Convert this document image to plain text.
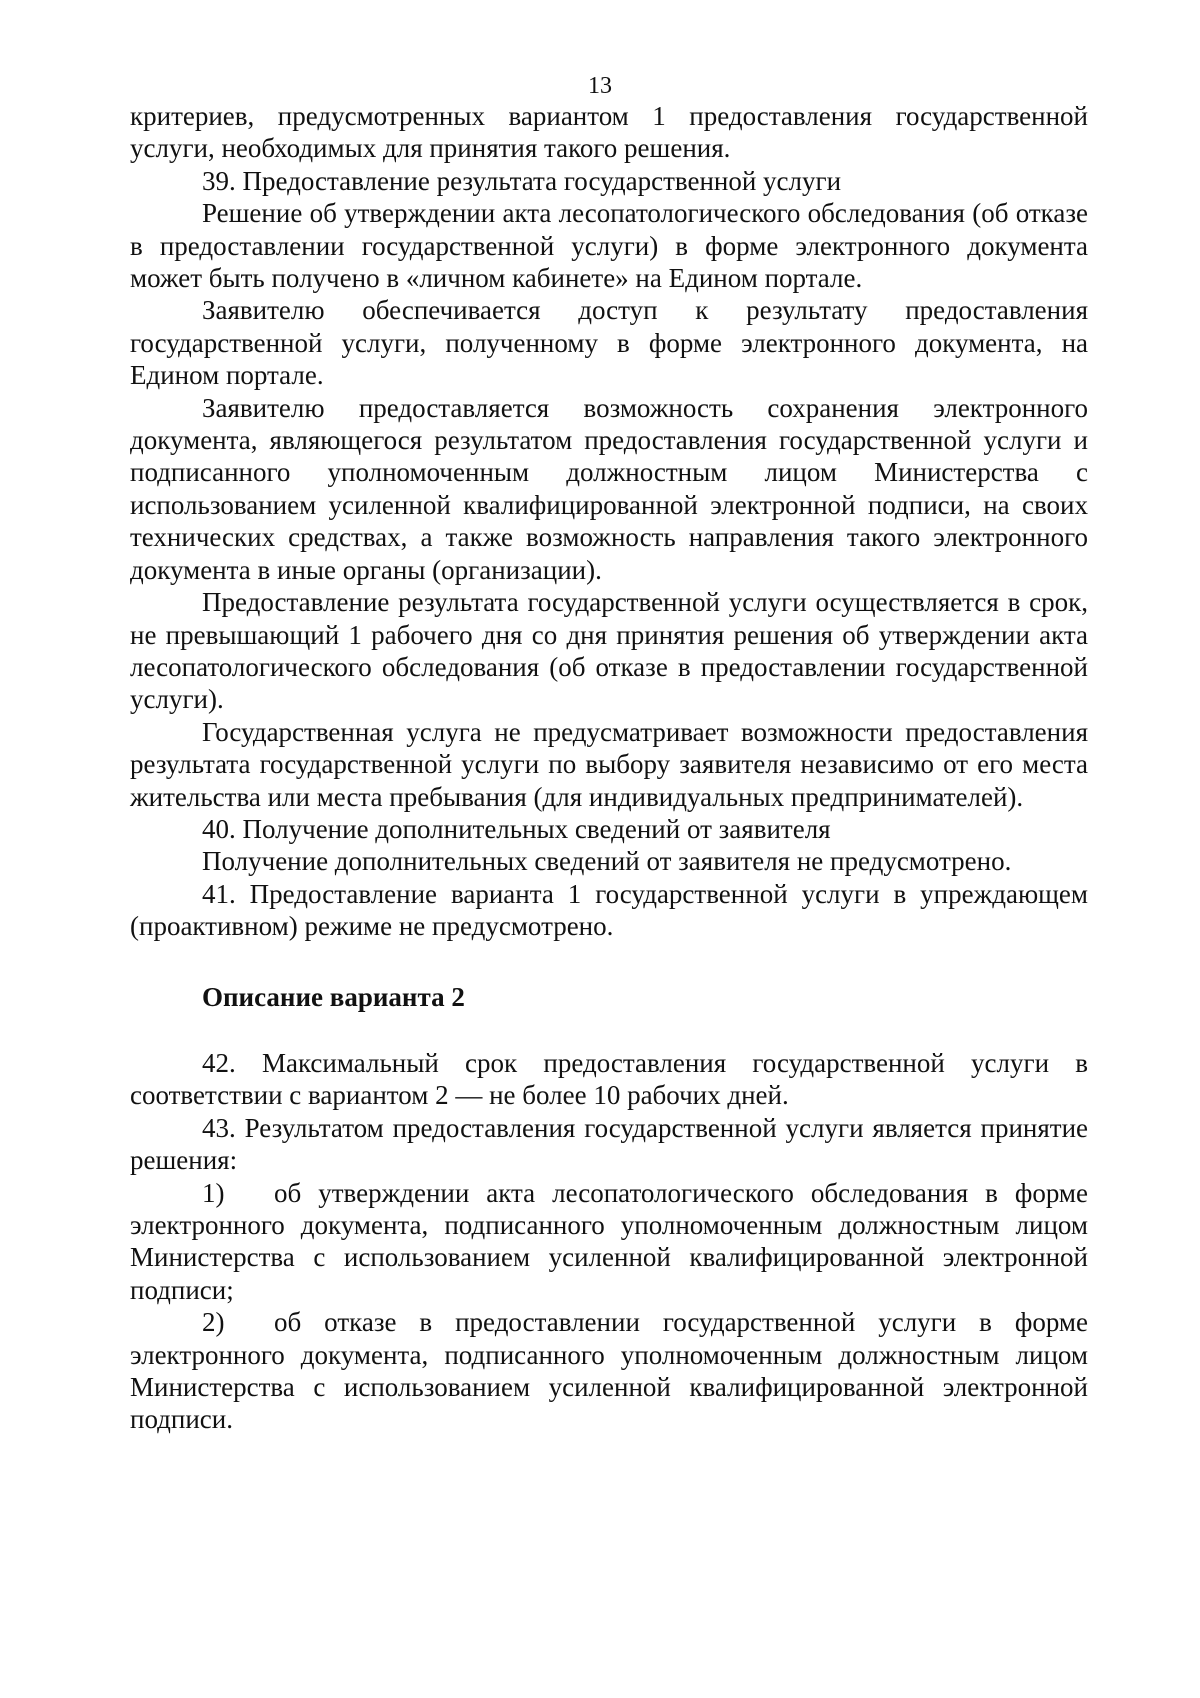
13

критериев, предусмотренных вариантом 1 предоставления государственной услуги, необходимых для принятия такого решения.

39. Предоставление результата государственной услуги

Решение об утверждении акта лесопатологического обследования (об отказе в предоставлении государственной услуги) в форме электронного документа может быть получено в «личном кабинете» на Едином портале.

Заявителю обеспечивается доступ к результату предоставления государственной услуги, полученному в форме электронного документа, на Едином портале.

Заявителю предоставляется возможность сохранения электронного документа, являющегося результатом предоставления государственной услуги и подписанного уполномоченным должностным лицом Министерства с использованием усиленной квалифицированной электронной подписи, на своих технических средствах, а также возможность направления такого электронного документа в иные органы (организации).

Предоставление результата государственной услуги осуществляется в срок, не превышающий 1 рабочего дня со дня принятия решения об утверждении акта лесопатологического обследования (об отказе в предоставлении государственной услуги).

Государственная услуга не предусматривает возможности предоставления результата государственной услуги по выбору заявителя независимо от его места жительства или места пребывания (для индивидуальных предпринимателей).

40. Получение дополнительных сведений от заявителя

Получение дополнительных сведений от заявителя не предусмотрено.

41. Предоставление варианта 1 государственной услуги в упреждающем (проактивном) режиме не предусмотрено.

Описание варианта 2

42. Максимальный срок предоставления государственной услуги в соответствии с вариантом 2 — не более 10 рабочих дней.

43. Результатом предоставления государственной услуги является принятие решения:

1) об утверждении акта лесопатологического обследования в форме электронного документа, подписанного уполномоченным должностным лицом Министерства с использованием усиленной квалифицированной электронной подписи;

2) об отказе в предоставлении государственной услуги в форме электронного документа, подписанного уполномоченным должностным лицом Министерства с использованием усиленной квалифицированной электронной подписи.
